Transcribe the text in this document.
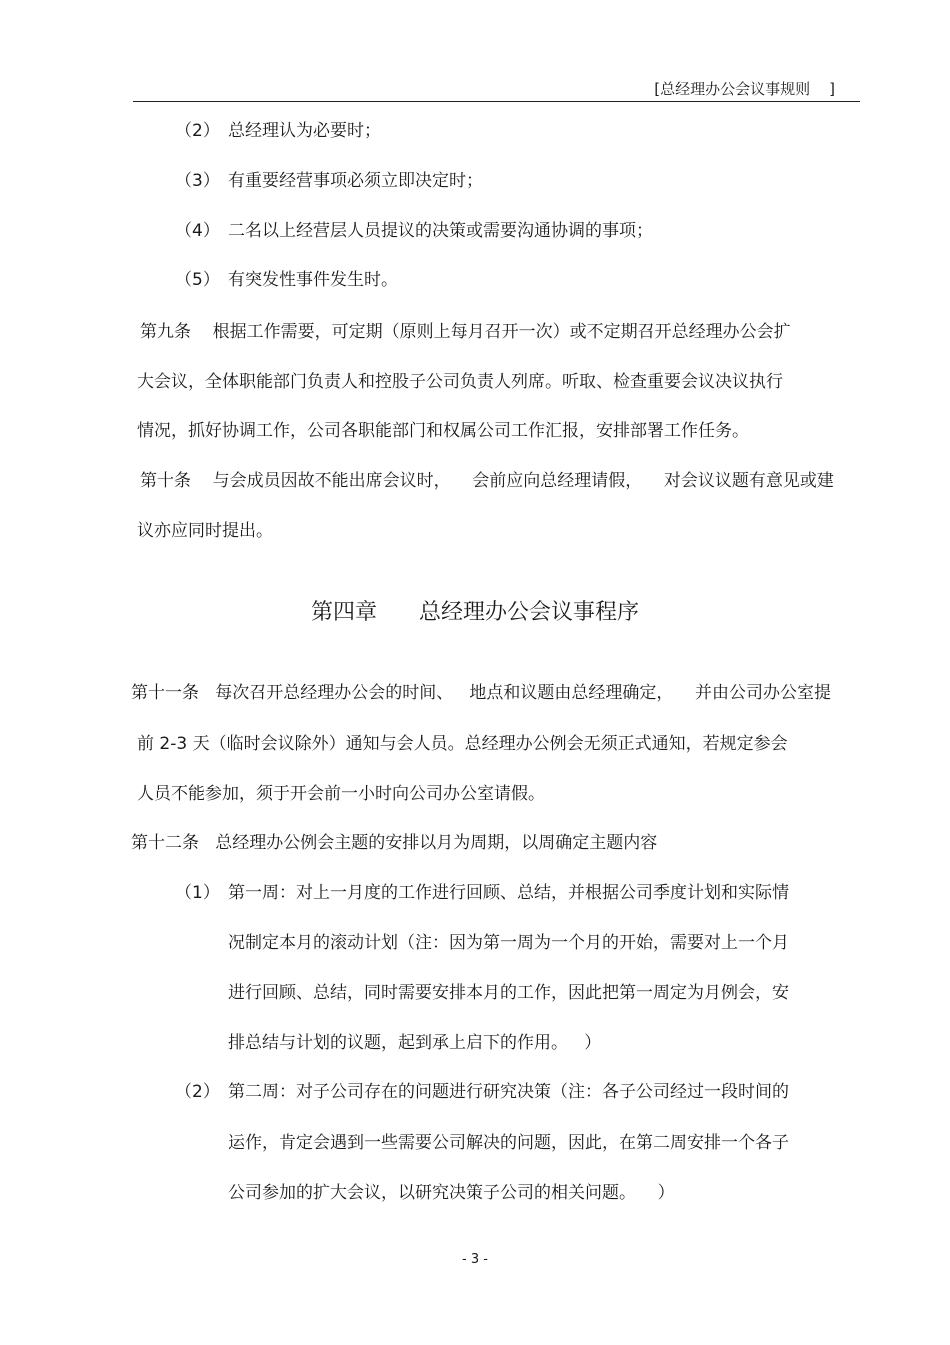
[总经理办公会议事规则    ]
（2） 总经理认为必要时；
（3） 有重要经营事项必须立即决定时；
（4） 二名以上经营层人员提议的决策或需要沟通协调的事项；
（5） 有突发性事件发生时。
第九条    根据工作需要，可定期（原则上每月召开一次）或不定期召开总经理办公会扩
大会议，全体职能部门负责人和控股子公司负责人列席。听取、检查重要会议决议执行
情况，抓好协调工作，公司各职能部门和权属公司工作汇报，安排部署工作任务。
第十条    与会成员因故不能出席会议时，    会前应向总经理请假，    对会议议题有意见或建
议亦应同时提出。
第四章      总经理办公会议事程序
第十一条   每次召开总经理办公会的时间、   地点和议题由总经理确定，    并由公司办公室提
前 2-3 天（临时会议除外）通知与会人员。总经理办公例会无须正式通知，若规定参会
人员不能参加，须于开会前一小时向公司办公室请假。
第十二条   总经理办公例会主题的安排以月为周期，以周确定主题内容
（1） 第一周：对上一月度的工作进行回顾、总结，并根据公司季度计划和实际情
况制定本月的滚动计划（注：因为第一周为一个月的开始，需要对上一个月
进行回顾、总结，同时需要安排本月的工作，因此把第一周定为月例会，安
排总结与计划的议题，起到承上启下的作用。   ）
（2） 第二周：对子公司存在的问题进行研究决策（注：各子公司经过一段时间的
运作，肯定会遇到一些需要公司解决的问题，因此，在第二周安排一个各子
公司参加的扩大会议，以研究决策子公司的相关问题。    ）
- 3 -
